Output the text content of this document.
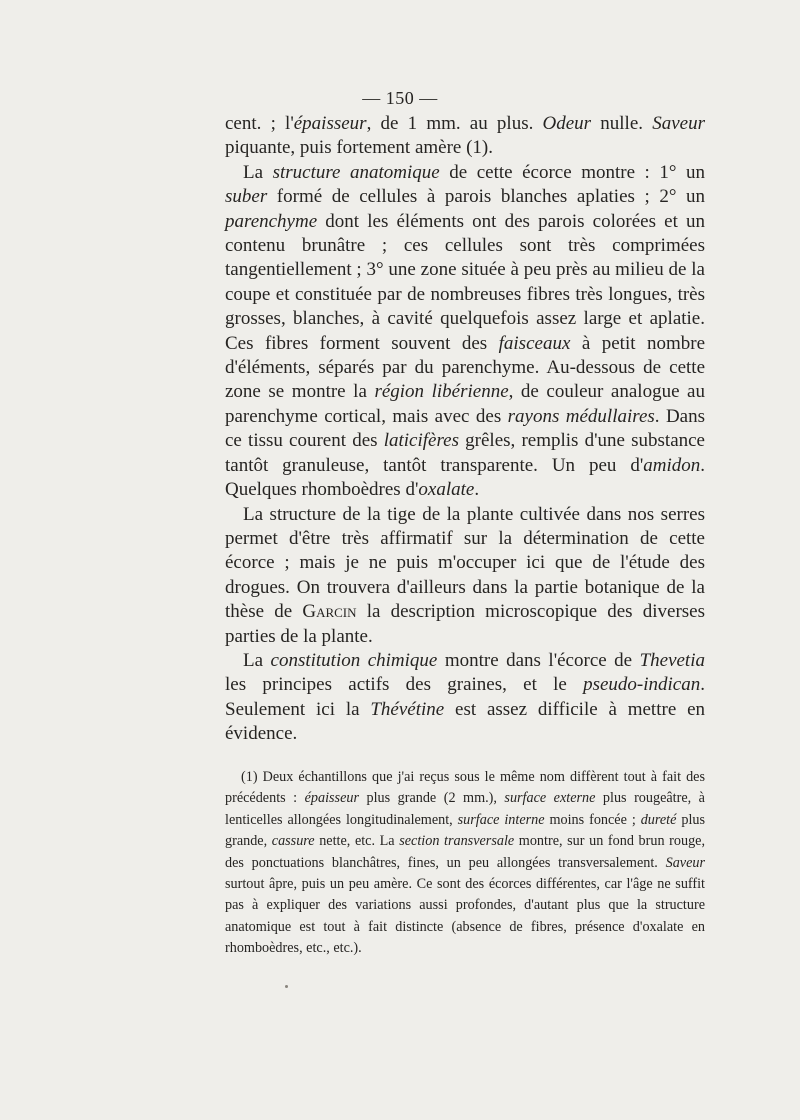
— 150 —

cent. ; l'épaisseur, de 1 mm. au plus. Odeur nulle. Saveur piquante, puis fortement amère (1).

La structure anatomique de cette écorce montre : 1° un suber formé de cellules à parois blanches aplaties ; 2° un parenchyme dont les éléments ont des parois colorées et un contenu brunâtre ; ces cellules sont très comprimées tangentiellement ; 3° une zone située à peu près au milieu de la coupe et constituée par de nombreuses fibres très longues, très grosses, blanches, à cavité quelquefois assez large et aplatie. Ces fibres forment souvent des faisceaux à petit nombre d'éléments, séparés par du parenchyme. Au-dessous de cette zone se montre la région libérienne, de couleur analogue au parenchyme cortical, mais avec des rayons médullaires. Dans ce tissu courent des laticifères grêles, remplis d'une substance tantôt granuleuse, tantôt transparente. Un peu d'amidon. Quelques rhomboèdres d'oxalate.

La structure de la tige de la plante cultivée dans nos serres permet d'être très affirmatif sur la détermination de cette écorce ; mais je ne puis m'occuper ici que de l'étude des drogues. On trouvera d'ailleurs dans la partie botanique de la thèse de Garcin la description microscopique des diverses parties de la plante.

La constitution chimique montre dans l'écorce de Thevetia les principes actifs des graines, et le pseudo-indican. Seulement ici la Thévétine est assez difficile à mettre en évidence.

(1) Deux échantillons que j'ai reçus sous le même nom diffèrent tout à fait des précédents : épaisseur plus grande (2 mm.), surface externe plus rougeâtre, à lenticelles allongées longitudinalement, surface interne moins foncée ; dureté plus grande, cassure nette, etc. La section transversale montre, sur un fond brun rouge, des ponctuations blanchâtres, fines, un peu allongées transversalement. Saveur surtout âpre, puis un peu amère. Ce sont des écorces différentes, car l'âge ne suffit pas à expliquer des variations aussi profondes, d'autant plus que la structure anatomique est tout à fait distincte (absence de fibres, présence d'oxalate en rhomboèdres, etc., etc.).
